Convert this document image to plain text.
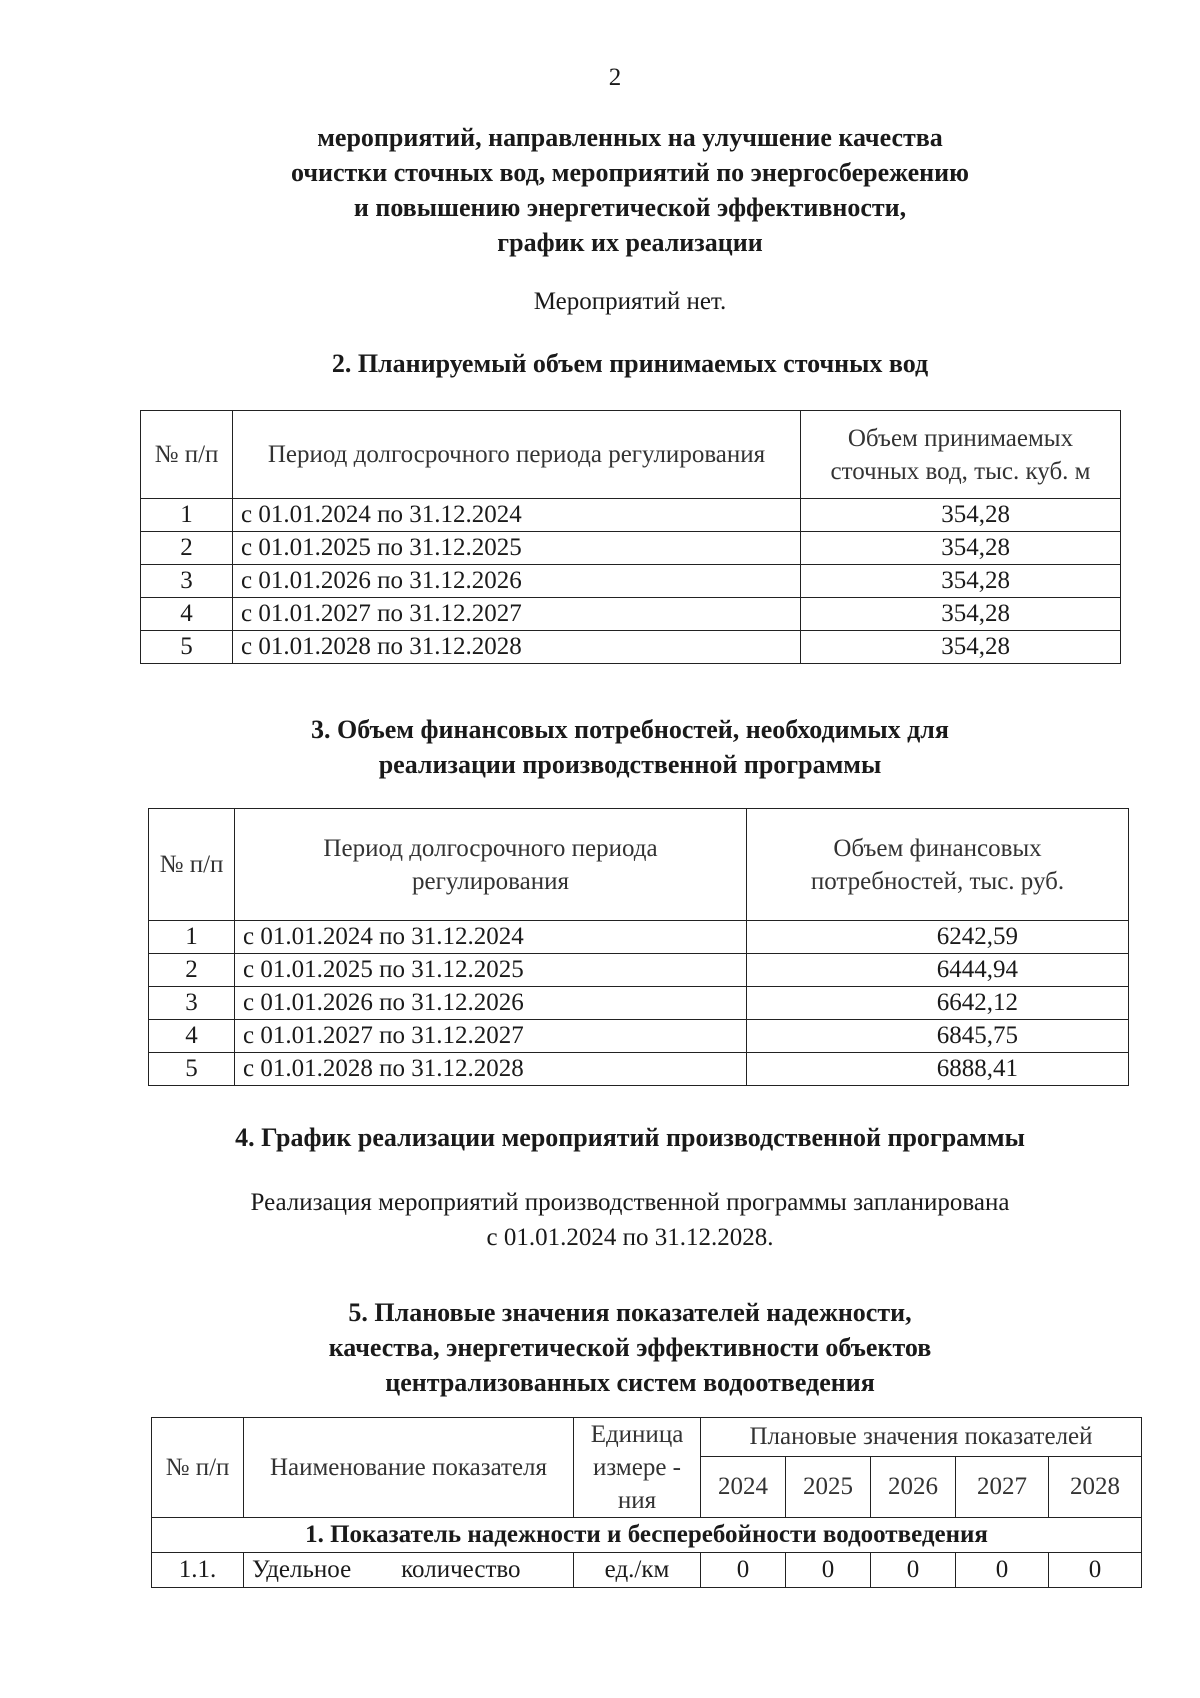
2
мероприятий, направленных на улучшение качества
очистки сточных вод, мероприятий по энергосбережению
и повышению энергетической эффективности,
график их реализации
Мероприятий нет.
2. Планируемый объем принимаемых сточных вод
№ п/п	Период долгосрочного периода регулирования	Объем принимаемых сточных вод, тыс. куб. м
1	с 01.01.2024 по 31.12.2024	354,28
2	с 01.01.2025 по 31.12.2025	354,28
3	с 01.01.2026 по 31.12.2026	354,28
4	с 01.01.2027 по 31.12.2027	354,28
5	с 01.01.2028 по 31.12.2028	354,28
3. Объем финансовых потребностей, необходимых для
реализации производственной программы
№ п/п	Период долгосрочного периода регулирования	Объем финансовых потребностей, тыс. руб.
1	с 01.01.2024 по 31.12.2024	6242,59
2	с 01.01.2025 по 31.12.2025	6444,94
3	с 01.01.2026 по 31.12.2026	6642,12
4	с 01.01.2027 по 31.12.2027	6845,75
5	с 01.01.2028 по 31.12.2028	6888,41
4. График реализации мероприятий производственной программы
Реализация мероприятий производственной программы запланирована
с 01.01.2024 по 31.12.2028.
5. Плановые значения показателей надежности,
качества, энергетической эффективности объектов
централизованных систем водоотведения
№ п/п	Наименование показателя	Единица измере - ния	Плановые значения показателей				
			2024	2025	2026	2027	2028
1. Показатель надежности и бесперебойности водоотведения							
1.1.	Удельное        количество	ед./км	0	0	0	0	0
